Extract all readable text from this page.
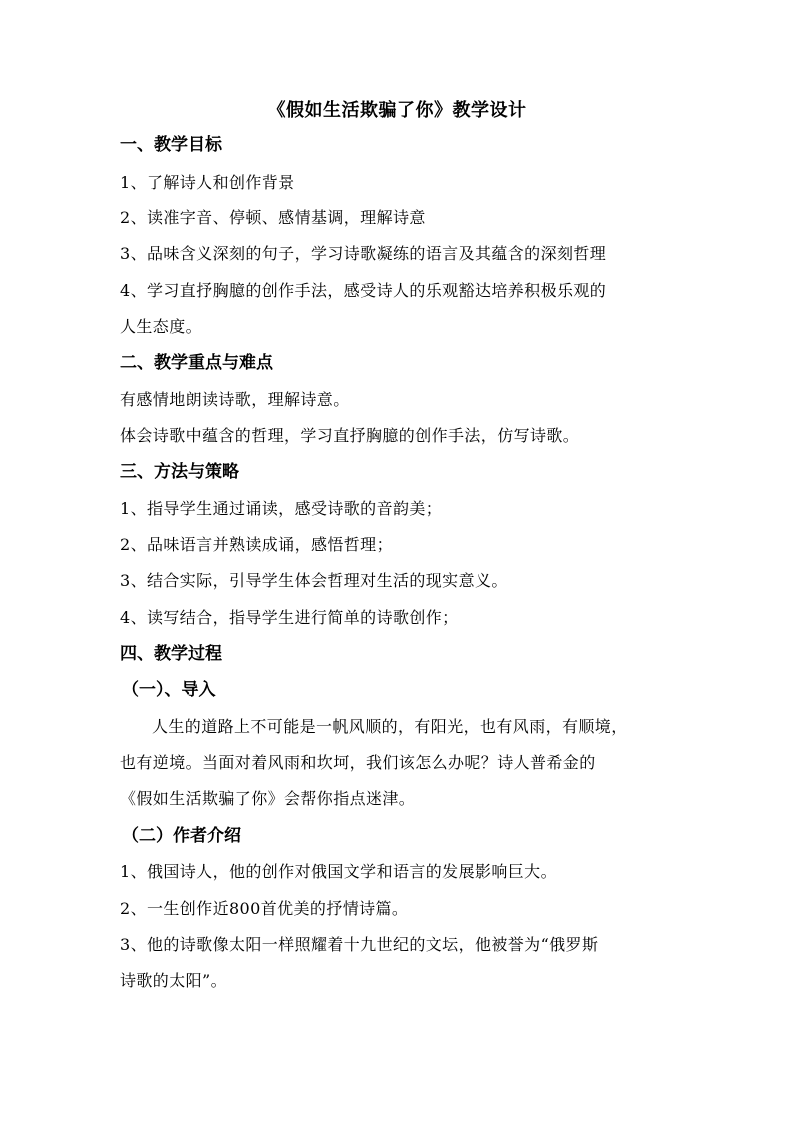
《假如生活欺骗了你》教学设计
一、教学目标
1、了解诗人和创作背景
2、读准字音、停顿、感情基调，理解诗意
3、品味含义深刻的句子，学习诗歌凝练的语言及其蕴含的深刻哲理
4、学习直抒胸臆的创作手法，感受诗人的乐观豁达培养积极乐观的
人生态度。
二、教学重点与难点
有感情地朗读诗歌，理解诗意。
体会诗歌中蕴含的哲理，学习直抒胸臆的创作手法，仿写诗歌。
三、方法与策略
1、指导学生通过诵读，感受诗歌的音韵美；
2、品味语言并熟读成诵，感悟哲理；
3、结合实际，引导学生体会哲理对生活的现实意义。
4、读写结合，指导学生进行简单的诗歌创作；
四、教学过程
（一）、导入
人生的道路上不可能是一帆风顺的，有阳光，也有风雨，有顺境，
也有逆境。当面对着风雨和坎坷，我们该怎么办呢？诗人普希金的
《假如生活欺骗了你》会帮你指点迷津。
（二）作者介绍
1、俄国诗人，他的创作对俄国文学和语言的发展影响巨大。
2、一生创作近800首优美的抒情诗篇。
3、他的诗歌像太阳一样照耀着十九世纪的文坛，他被誉为“俄罗斯
诗歌的太阳”。
